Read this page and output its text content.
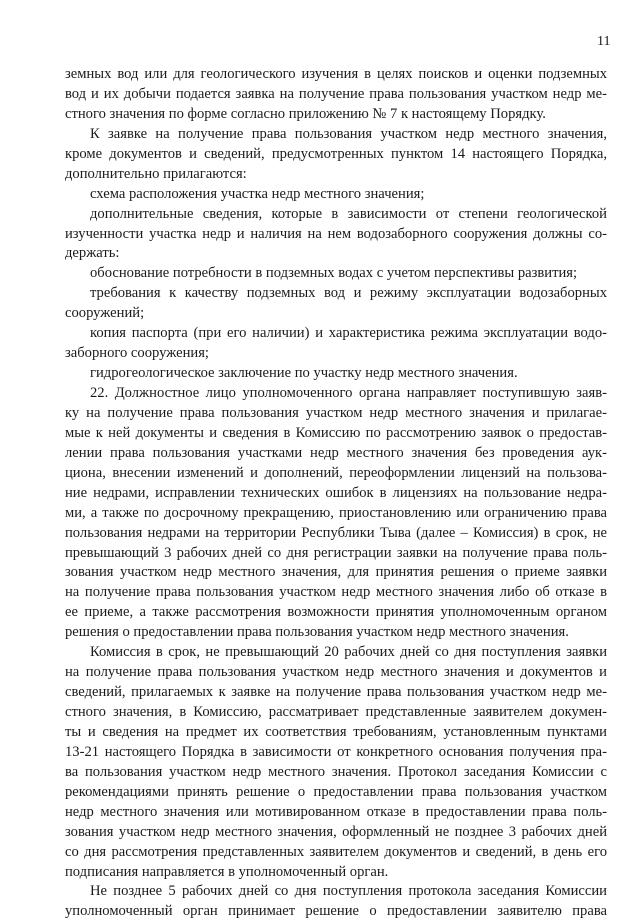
11
земных вод или для геологического изучения в целях поисков и оценки подземных
вод и их добычи подается заявка на получение права пользования участком недр ме-
стного значения по форме согласно приложению № 7 к настоящему Порядку.
К заявке на получение права пользования участком недр местного значения,
кроме документов и сведений, предусмотренных пунктом 14 настоящего Порядка,
дополнительно прилагаются:
схема расположения участка недр местного значения;
дополнительные сведения, которые в зависимости от степени геологической
изученности участка недр и наличия на нем водозаборного сооружения должны со-
держать:
обоснование потребности в подземных водах с учетом перспективы развития;
требования к качеству подземных вод и режиму эксплуатации водозаборных
сооружений;
копия паспорта (при его наличии) и характеристика режима эксплуатации водо-
заборного сооружения;
гидрогеологическое заключение по участку недр местного значения.
22. Должностное лицо уполномоченного органа направляет поступившую заяв-
ку на получение права пользования участком недр местного значения и прилагае-
мые к ней документы и сведения в Комиссию по рассмотрению заявок о предостав-
лении права пользования участками недр местного значения без проведения аук-
циона, внесении изменений и дополнений, переоформлении лицензий на пользова-
ние недрами, исправлении технических ошибок в лицензиях на пользование недра-
ми, а также по досрочному прекращению, приостановлению или ограничению права
пользования недрами на территории Республики Тыва (далее – Комиссия) в срок, не
превышающий 3 рабочих дней со дня регистрации заявки на получение права поль-
зования участком недр местного значения, для принятия решения о приеме заявки
на получение права пользования участком недр местного значения либо об отказе в
ее приеме, а также рассмотрения возможности принятия уполномоченным органом
решения о предоставлении права пользования участком недр местного значения.
Комиссия в срок, не превышающий 20 рабочих дней со дня поступления заявки
на получение права пользования участком недр местного значения и документов и
сведений, прилагаемых к заявке на получение права пользования участком недр ме-
стного значения, в Комиссию, рассматривает представленные заявителем докумен-
ты и сведения на предмет их соответствия требованиям, установленным пунктами
13-21 настоящего Порядка в зависимости от конкретного основания получения пра-
ва пользования участком недр местного значения. Протокол заседания Комиссии с
рекомендациями принять решение о предоставлении права пользования участком
недр местного значения или мотивированном отказе в предоставлении права поль-
зования участком недр местного значения, оформленный не позднее 3 рабочих дней
со дня рассмотрения представленных заявителем документов и сведений, в день его
подписания направляется в уполномоченный орган.
Не позднее 5 рабочих дней со дня поступления протокола заседания Комиссии
уполномоченный орган принимает решение о предоставлении заявителю права
